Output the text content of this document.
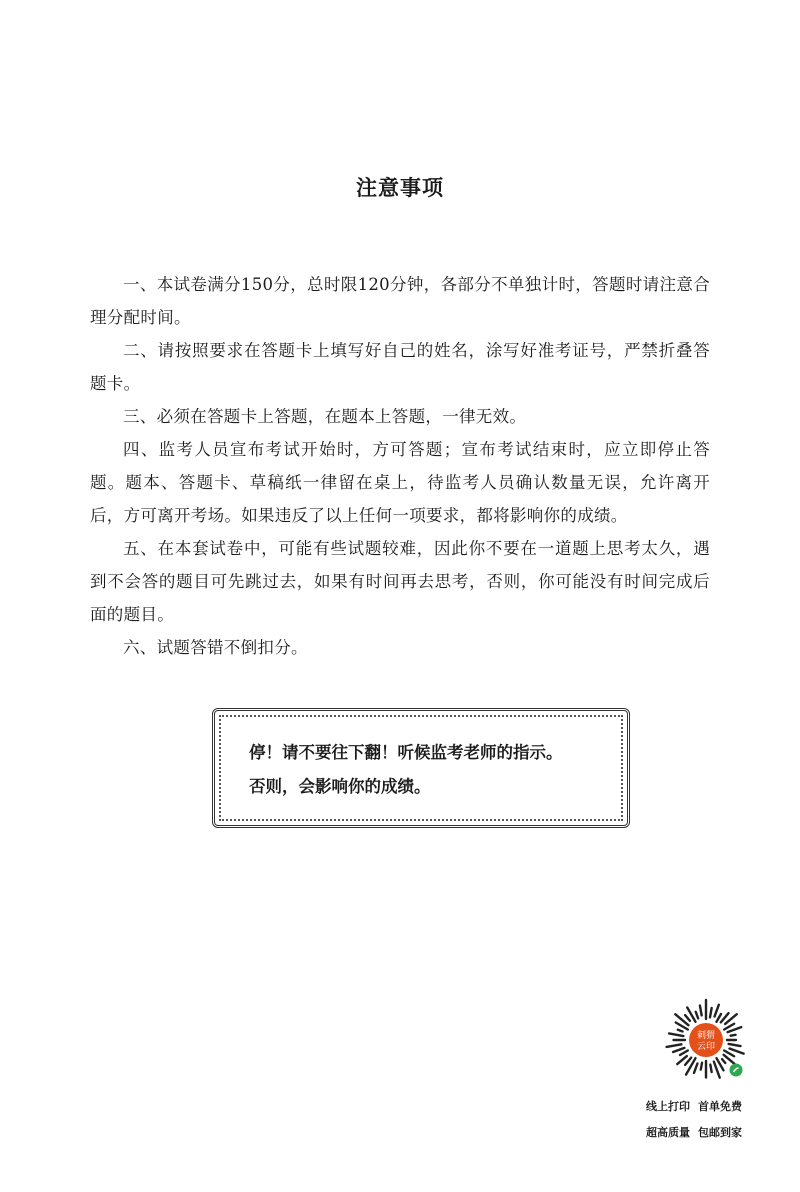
注意事项

一、本试卷满分150分，总时限120分钟，各部分不单独计时，答题时请注意合理分配时间。

二、请按照要求在答题卡上填写好自己的姓名，涂写好准考证号，严禁折叠答题卡。

三、必须在答题卡上答题，在题本上答题，一律无效。

四、监考人员宣布考试开始时，方可答题；宣布考试结束时，应立即停止答题。题本、答题卡、草稿纸一律留在桌上，待监考人员确认数量无误，允许离开后，方可离开考场。如果违反了以上任何一项要求，都将影响你的成绩。

五、在本套试卷中，可能有些试题较难，因此你不要在一道题上思考太久，遇到不会答的题目可先跳过去，如果有时间再去思考，否则，你可能没有时间完成后面的题目。

六、试题答错不倒扣分。

停！请不要往下翻！听候监考老师的指示。
否则，会影响你的成绩。
刺猬
云印
线上打印 首单免费
超高质量 包邮到家
